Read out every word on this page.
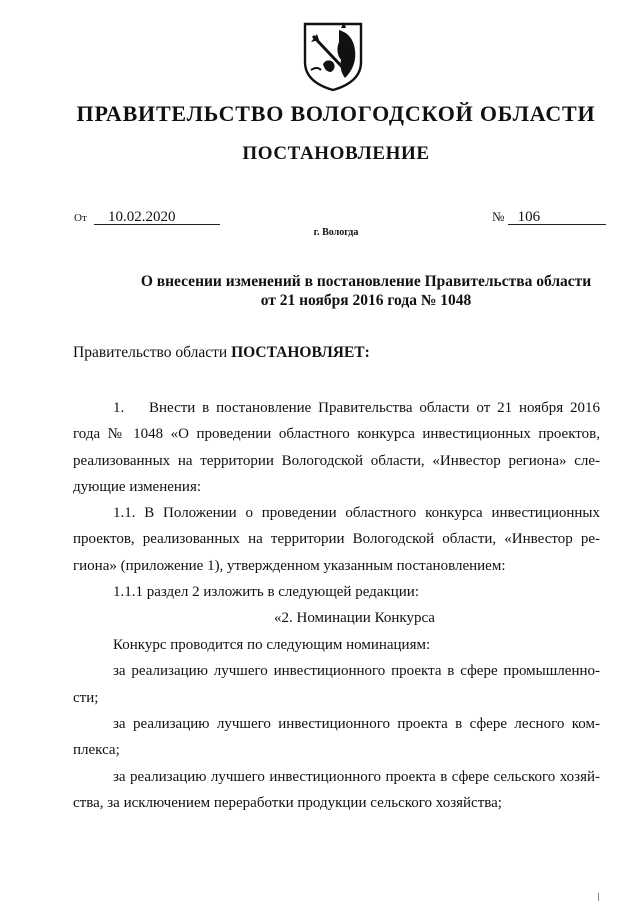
ПРАВИТЕЛЬСТВО ВОЛОГОДСКОЙ ОБЛАСТИ
ПОСТАНОВЛЕНИЕ
От 10.02.2020	№ 106
г. Вологда
О внесении изменений в постановление Правительства области
от 21 ноября 2016 года № 1048
Правительство области ПОСТАНОВЛЯЕТ:
1. Внести в постановление Правительства области от 21 ноября 2016
года № 1048 «О проведении областного конкурса инвестиционных проектов,
реализованных на территории Вологодской области, «Инвестор региона» сле-
дующие изменения:
1.1. В Положении о проведении областного конкурса инвестиционных
проектов, реализованных на территории Вологодской области, «Инвестор ре-
гиона» (приложение 1), утвержденном указанным постановлением:
1.1.1 раздел 2 изложить в следующей редакции:
«2. Номинации Конкурса
Конкурс проводится по следующим номинациям:
за реализацию лучшего инвестиционного проекта в сфере промышленно-
сти;
за реализацию лучшего инвестиционного проекта в сфере лесного ком-
плекса;
за реализацию лучшего инвестиционного проекта в сфере сельского хозяй-
ства, за исключением переработки продукции сельского хозяйства;
